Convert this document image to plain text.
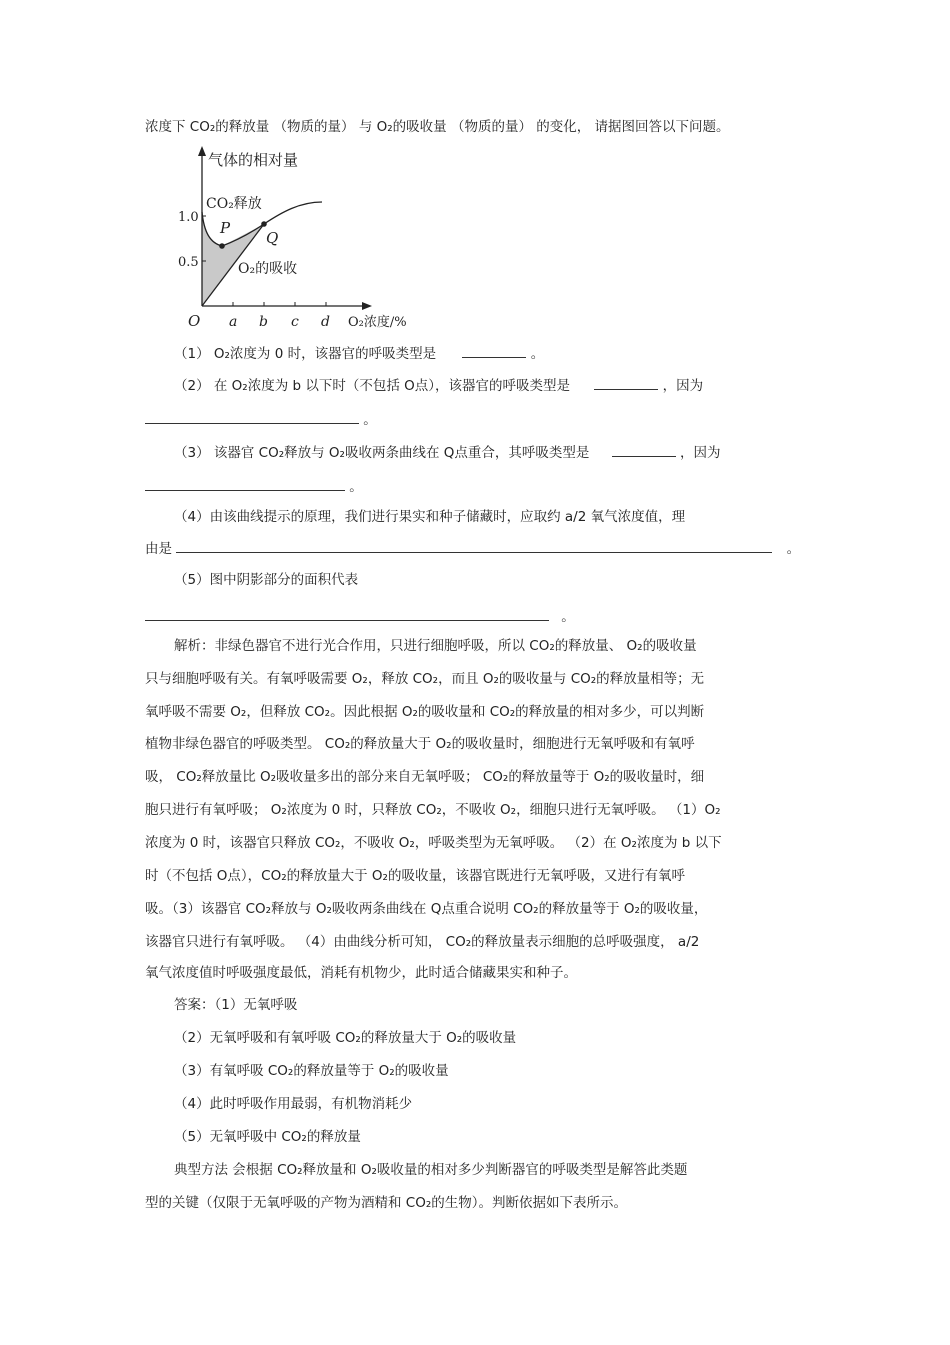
浓度下 CO₂的释放量 （物质的量） 与 O₂的吸收量 （物质的量） 的变化， 请据图回答以下问题。
气体的相对量
1.0
0.5
O a b c d O₂浓度/%
CO₂释放
P
Q
O₂的吸收
（1） O₂浓度为 0 时，该器官的呼吸类型是	。
（2） 在 O₂浓度为 b 以下时（不包括 O点），该器官的呼吸类型是	，因为
。
（3） 该器官 CO₂释放与 O₂吸收两条曲线在 Q点重合，其呼吸类型是	，因为
。
（4）由该曲线提示的原理，我们进行果实和种子储藏时，应取约 a/2 氧气浓度值，理
由是	。
（5）图中阴影部分的面积代表
。
解析：非绿色器官不进行光合作用，只进行细胞呼吸，所以 CO₂的释放量、 O₂的吸收量
只与细胞呼吸有关。有氧呼吸需要 O₂，释放 CO₂，而且 O₂的吸收量与 CO₂的释放量相等；无
氧呼吸不需要 O₂，但释放 CO₂。因此根据 O₂的吸收量和 CO₂的释放量的相对多少，可以判断
植物非绿色器官的呼吸类型。 CO₂的释放量大于 O₂的吸收量时，细胞进行无氧呼吸和有氧呼
吸， CO₂释放量比 O₂吸收量多出的部分来自无氧呼吸； CO₂的释放量等于 O₂的吸收量时，细
胞只进行有氧呼吸； O₂浓度为 0 时，只释放 CO₂，不吸收 O₂，细胞只进行无氧呼吸。 （1）O₂
浓度为 0 时，该器官只释放 CO₂，不吸收 O₂，呼吸类型为无氧呼吸。 （2）在 O₂浓度为 b 以下
时（不包括 O点），CO₂的释放量大于 O₂的吸收量，该器官既进行无氧呼吸，又进行有氧呼
吸。（3）该器官 CO₂释放与 O₂吸收两条曲线在 Q点重合说明 CO₂的释放量等于 O₂的吸收量，
该器官只进行有氧呼吸。 （4）由曲线分析可知， CO₂的释放量表示细胞的总呼吸强度， a/2
氧气浓度值时呼吸强度最低，消耗有机物少，此时适合储藏果实和种子。
答案：（1）无氧呼吸
（2）无氧呼吸和有氧呼吸 CO₂的释放量大于 O₂的吸收量
（3）有氧呼吸 CO₂的释放量等于 O₂的吸收量
（4）此时呼吸作用最弱，有机物消耗少
（5）无氧呼吸中 CO₂的释放量
典型方法 会根据 CO₂释放量和 O₂吸收量的相对多少判断器官的呼吸类型是解答此类题
型的关键（仅限于无氧呼吸的产物为酒精和 CO₂的生物）。判断依据如下表所示。
